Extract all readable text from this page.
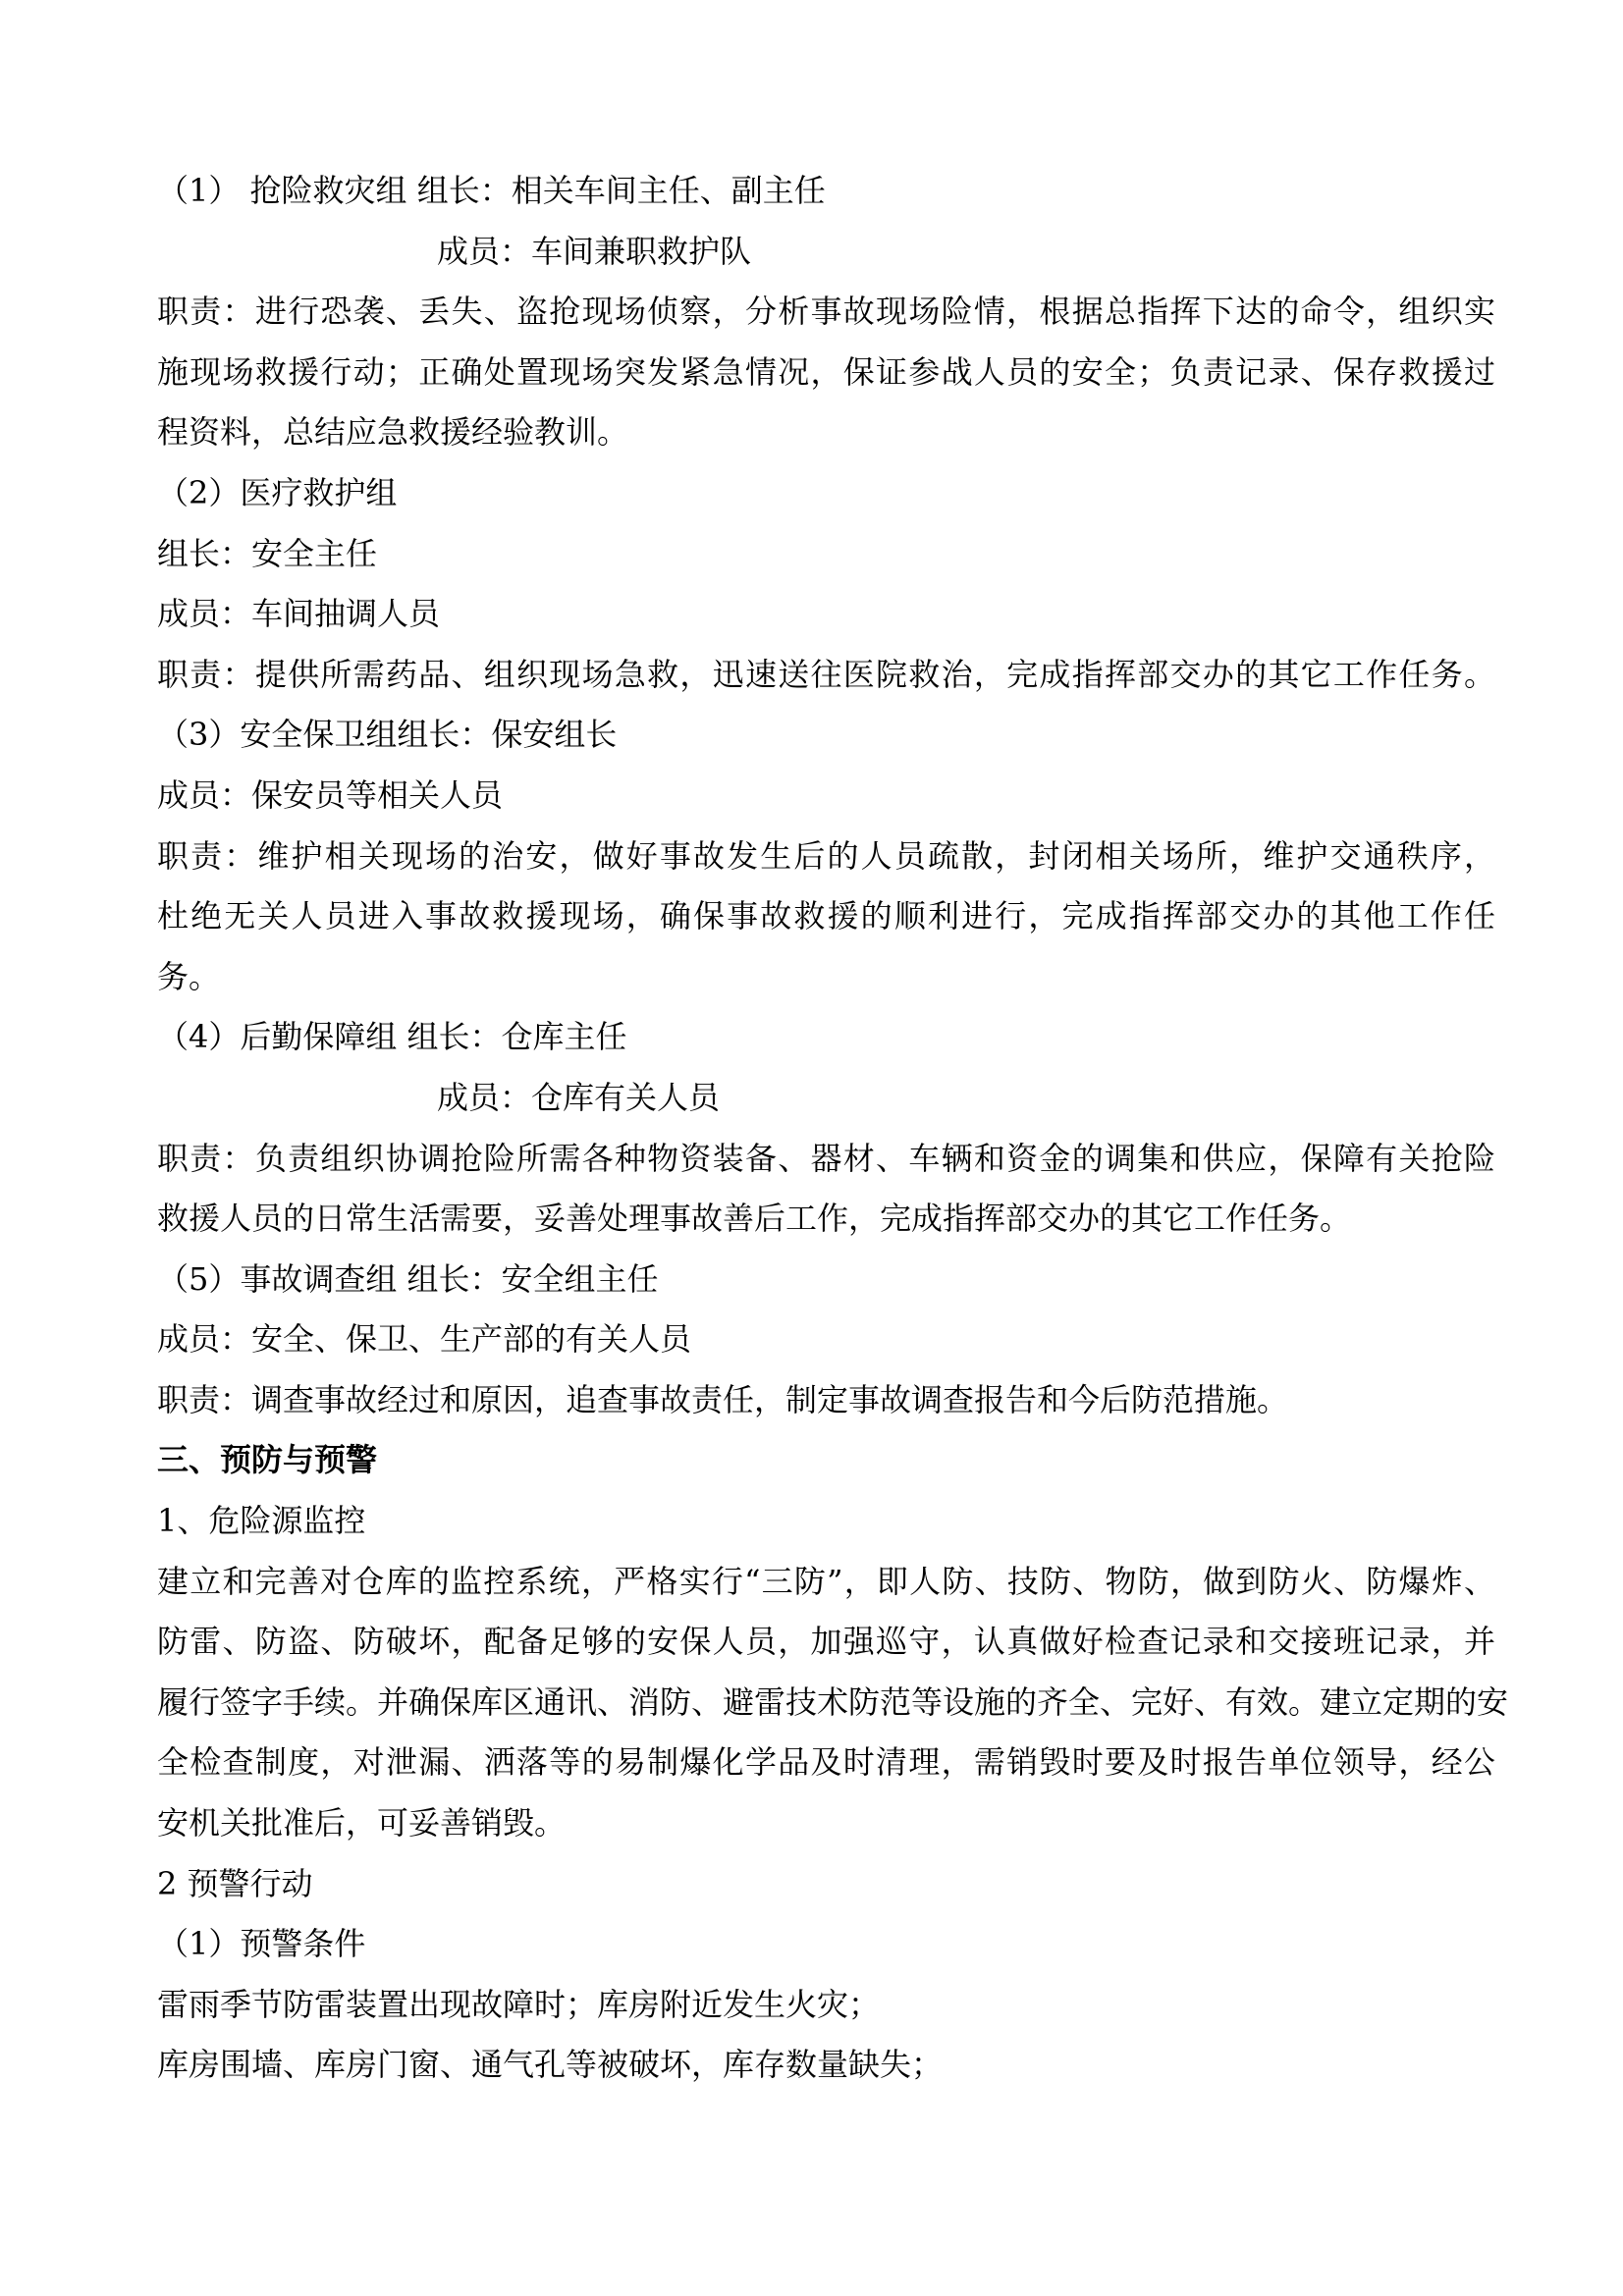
（1） 抢险救灾组 组长：相关车间主任、副主任
成员：车间兼职救护队
职责：进行恐袭、丢失、盗抢现场侦察，分析事故现场险情，根据总指挥下达的命令，组织实
施现场救援行动；正确处置现场突发紧急情况，保证参战人员的安全；负责记录、保存救援过
程资料，总结应急救援经验教训。
（2）医疗救护组
组长：安全主任
成员：车间抽调人员
职责：提供所需药品、组织现场急救，迅速送往医院救治，完成指挥部交办的其它工作任务。
（3）安全保卫组组长：保安组长
成员：保安员等相关人员
职责：维护相关现场的治安，做好事故发生后的人员疏散，封闭相关场所，维护交通秩序，
杜绝无关人员进入事故救援现场，确保事故救援的顺利进行，完成指挥部交办的其他工作任
务。
（4）后勤保障组 组长：仓库主任
成员：仓库有关人员
职责：负责组织协调抢险所需各种物资装备、器材、车辆和资金的调集和供应，保障有关抢险
救援人员的日常生活需要，妥善处理事故善后工作，完成指挥部交办的其它工作任务。
（5）事故调查组 组长：安全组主任
成员：安全、保卫、生产部的有关人员
职责：调查事故经过和原因，追查事故责任，制定事故调查报告和今后防范措施。
三、预防与预警
1、危险源监控
建立和完善对仓库的监控系统，严格实行“三防”，即人防、技防、物防，做到防火、防爆炸、
防雷、防盗、防破坏，配备足够的安保人员，加强巡守，认真做好检查记录和交接班记录，并
履行签字手续。并确保库区通讯、消防、避雷技术防范等设施的齐全、完好、有效。建立定期的安
全检查制度，对泄漏、洒落等的易制爆化学品及时清理，需销毁时要及时报告单位领导，经公
安机关批准后，可妥善销毁。
2 预警行动
（1）预警条件
雷雨季节防雷装置出现故障时；库房附近发生火灾；
库房围墙、库房门窗、通气孔等被破坏，库存数量缺失；
